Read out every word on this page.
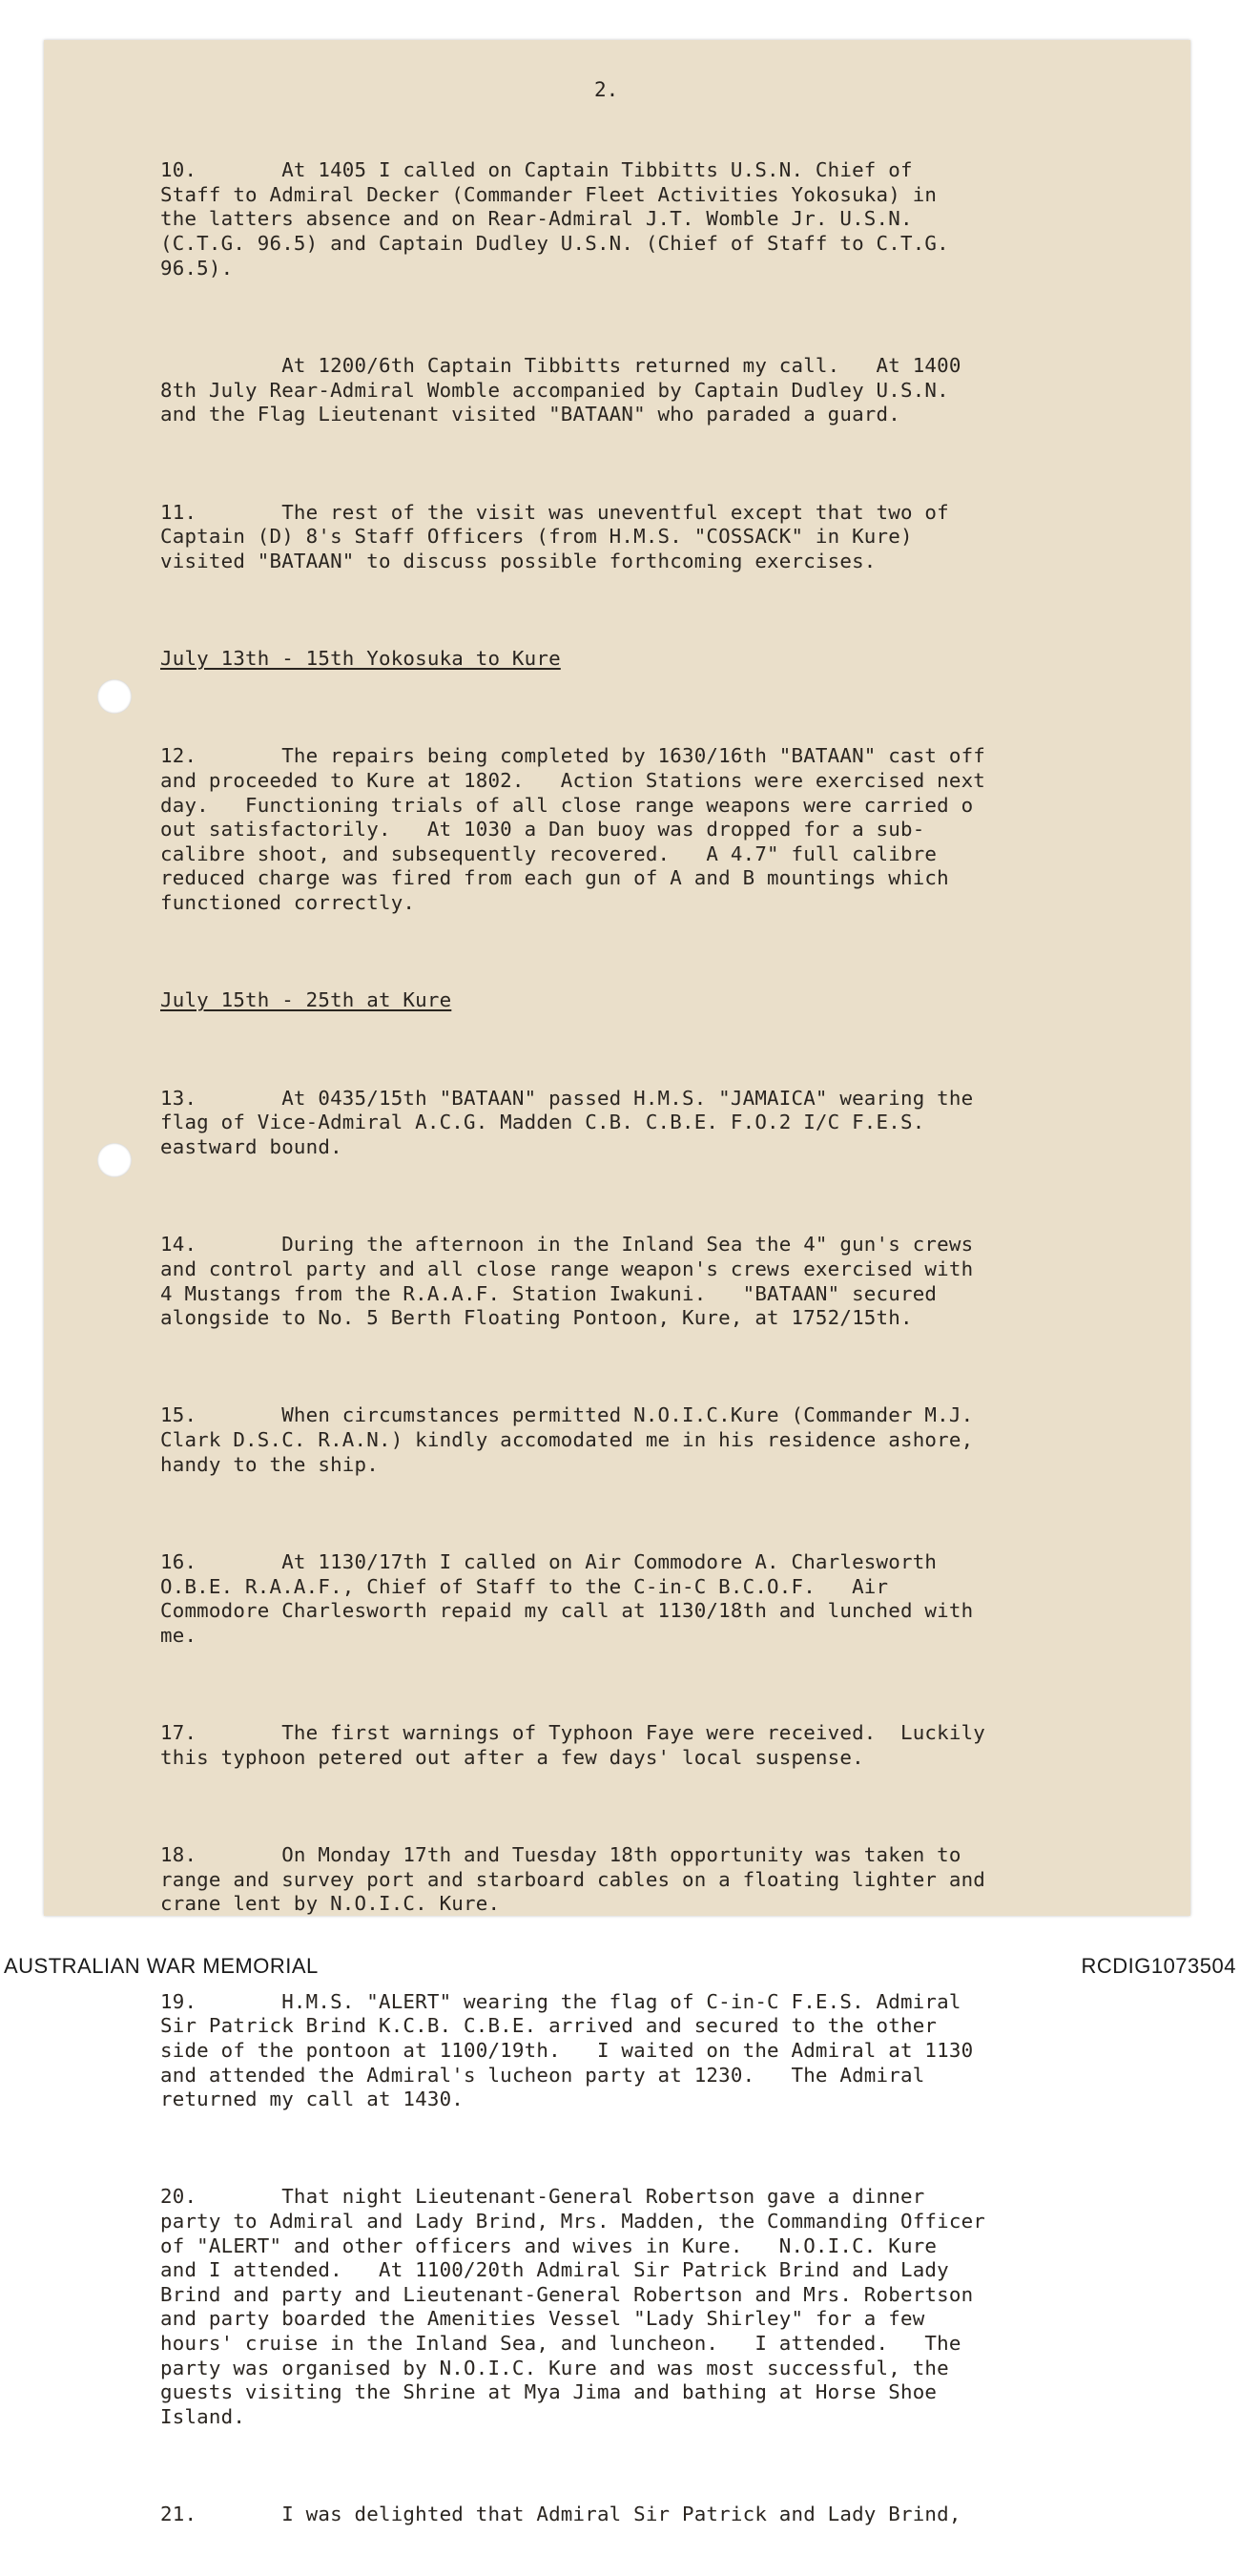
2.

10.       At 1405 I called on Captain Tibbitts U.S.N. Chief of
Staff to Admiral Decker (Commander Fleet Activities Yokosuka) in
the latters absence and on Rear-Admiral J.T. Womble Jr. U.S.N.
(C.T.G. 96.5) and Captain Dudley U.S.N. (Chief of Staff to C.T.G.
96.5).

At 1200/6th Captain Tibbitts returned my call.   At 1400
8th July Rear-Admiral Womble accompanied by Captain Dudley U.S.N.
and the Flag Lieutenant visited "BATAAN" who paraded a guard.

11.       The rest of the visit was uneventful except that two of
Captain (D) 8's Staff Officers (from H.M.S. "COSSACK" in Kure)
visited "BATAAN" to discuss possible forthcoming exercises.

July 13th - 15th Yokosuka to Kure

12.       The repairs being completed by 1630/16th "BATAAN" cast off
and proceeded to Kure at 1802.   Action Stations were exercised next
day.   Functioning trials of all close range weapons were carried o
out satisfactorily.   At 1030 a Dan buoy was dropped for a sub-
calibre shoot, and subsequently recovered.   A 4.7" full calibre
reduced charge was fired from each gun of A and B mountings which
functioned correctly.

July 15th - 25th at Kure

13.       At 0435/15th "BATAAN" passed H.M.S. "JAMAICA" wearing the
flag of Vice-Admiral A.C.G. Madden C.B. C.B.E. F.O.2 I/C F.E.S.
eastward bound.

14.       During the afternoon in the Inland Sea the 4" gun's crews
and control party and all close range weapon's crews exercised with
4 Mustangs from the R.A.A.F. Station Iwakuni.   "BATAAN" secured
alongside to No. 5 Berth Floating Pontoon, Kure, at 1752/15th.

15.       When circumstances permitted N.O.I.C.Kure (Commander M.J.
Clark D.S.C. R.A.N.) kindly accomodated me in his residence ashore,
handy to the ship.

16.       At 1130/17th I called on Air Commodore A. Charlesworth
O.B.E. R.A.A.F., Chief of Staff to the C-in-C B.C.O.F.   Air
Commodore Charlesworth repaid my call at 1130/18th and lunched with
me.

17.       The first warnings of Typhoon Faye were received.  Luckily
this typhoon petered out after a few days' local suspense.

18.       On Monday 17th and Tuesday 18th opportunity was taken to
range and survey port and starboard cables on a floating lighter and
crane lent by N.O.I.C. Kure.

19.       H.M.S. "ALERT" wearing the flag of C-in-C F.E.S. Admiral
Sir Patrick Brind K.C.B. C.B.E. arrived and secured to the other
side of the pontoon at 1100/19th.   I waited on the Admiral at 1130
and attended the Admiral's lucheon party at 1230.   The Admiral
returned my call at 1430.

20.       That night Lieutenant-General Robertson gave a dinner
party to Admiral and Lady Brind, Mrs. Madden, the Commanding Officer
of "ALERT" and other officers and wives in Kure.   N.O.I.C. Kure
and I attended.   At 1100/20th Admiral Sir Patrick Brind and Lady
Brind and party and Lieutenant-General Robertson and Mrs. Robertson
and party boarded the Amenities Vessel "Lady Shirley" for a few
hours' cruise in the Inland Sea, and luncheon.   I attended.   The
party was organised by N.O.I.C. Kure and was most successful, the
guests visiting the Shrine at Mya Jima and bathing at Horse Shoe
Island.

21.       I was delighted that Admiral Sir Patrick and Lady Brind,

AUSTRALIAN WAR MEMORIAL	RCDIG1073504
